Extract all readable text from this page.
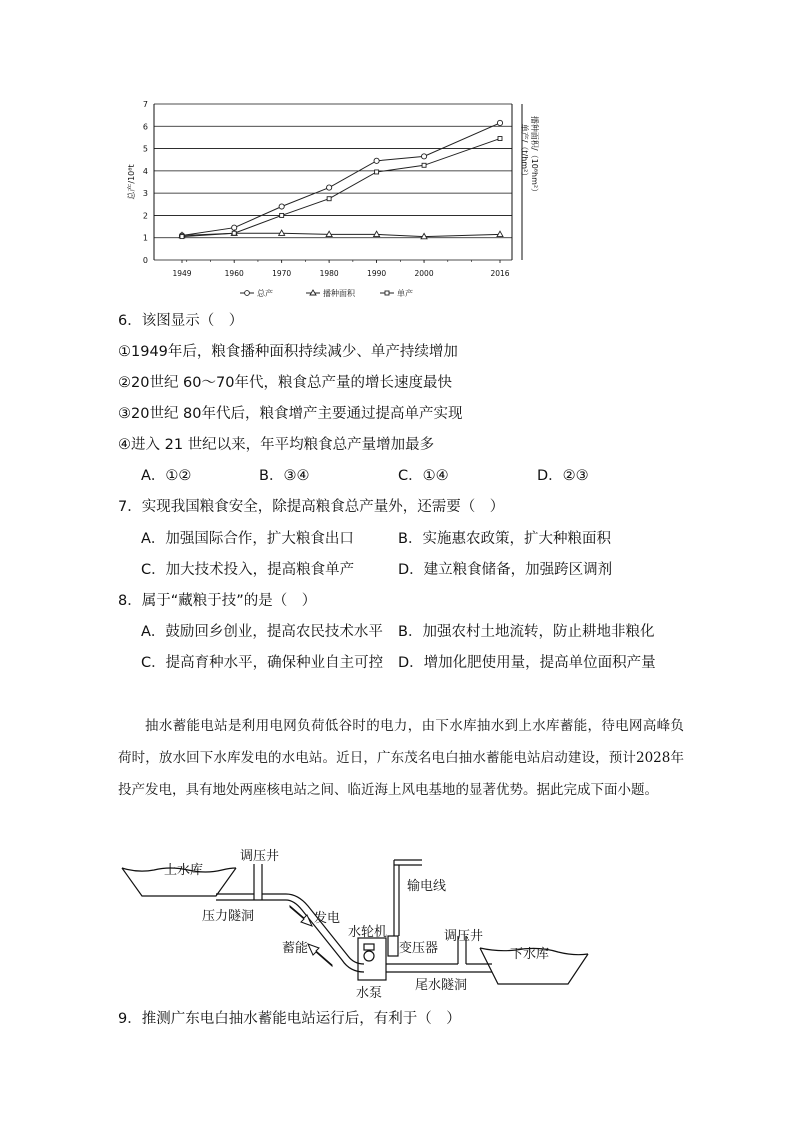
0
1
2
3
4
5
6
7
1949	1960	1970	1980	1990	2000	2016
总产/10⁸t
单产/（t/hm²） 播种面积/（10⁸hm²）
总产	播种面积	单产
6．该图显示（　）
①1949年后，粮食播种面积持续减少、单产持续增加
②20世纪 60～70年代，粮食总产量的增长速度最快
③20世纪 80年代后，粮食增产主要通过提高单产实现
④进入 21 世纪以来，年平均粮食总产量增加最多
A．①②	B．③④	C．①④	D．②③
7．实现我国粮食安全，除提高粮食总产量外，还需要（　）
A．加强国际合作，扩大粮食出口	B．实施惠农政策，扩大种粮面积
C．加大技术投入，提高粮食单产	D．建立粮食储备，加强跨区调剂
8．属于“藏粮于技”的是（　）
A．鼓励回乡创业，提高农民技术水平 B．加强农村土地流转，防止耕地非粮化
C．提高育种水平，确保种业自主可控 D．增加化肥使用量，提高单位面积产量

抽水蓄能电站是利用电网负荷低谷时的电力，由下水库抽水到上水库蓄能，待电网高峰负荷时，放水回下水库发电的水电站。近日，广东茂名电白抽水蓄能电站启动建设，预计2028年投产发电，具有地处两座核电站之间、临近海上风电基地的显著优势。据此完成下面小题。

上水库
调压井
输电线
压力隧洞	发电
水轮机
蓄能	变压器
调压井
下水库
水泵
尾水隧洞
9．推测广东电白抽水蓄能电站运行后，有利于（　）
